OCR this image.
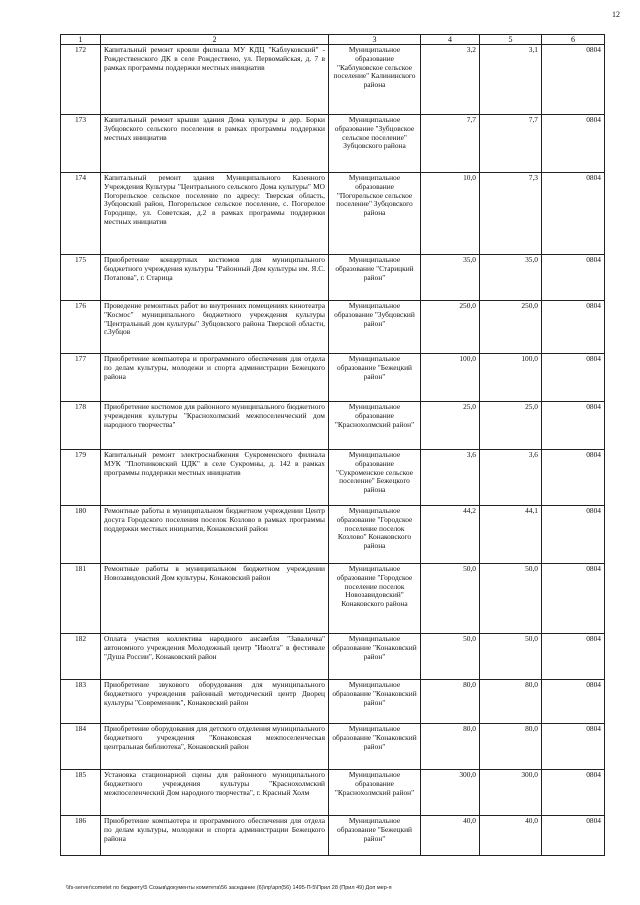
12
1	2	3	4	5	6
172	Капитальный ремонт кровли филиала МУ КДЦ "Каблуковский" - Рождественского ДК в селе Рождествено, ул. Первомайская, д. 7 в рамках программы поддержки местных инициатив	Муниципальное образование "Каблуковское сельское поселение" Калининского района	3,2	3,1	0804
173	Капитальный ремонт крыши здания Дома культуры в дер. Борки Зубцовского сельского поселения в рамках программы поддержки местных инициатив	Муниципальное образование "Зубцовское сельское поселение" Зубцовского района	7,7	7,7	0804
174	Капитальный ремонт здания Муниципального Казенного Учреждения Культуры "Центрального сельского Дома культуры" МО Погорельское сельское поселение по адресу: Тверская область, Зубцовский район, Погорельское сельское поселение, с. Погорелое Городище, ул. Советская, д.2 в рамках программы поддержки местных инициатив	Муниципальное образование "Погорельское сельское поселение" Зубцовского района	10,0	7,3	0804
175	Приобретение концертных костюмов для муниципального бюджетного учреждения культуры "Районный Дом культуры им. Я.С. Потапова", г. Старица	Муниципальное образование "Старицкий район"	35,0	35,0	0804
176	Проведение ремонтных работ во внутренних помещениях кинотеатра "Космос" муниципального бюджетного учреждения культуры "Центральный дом культуры" Зубцовского района Тверской области, г.Зубцов	Муниципальное образование "Зубцовский район"	250,0	250,0	0804
177	Приобретение компьютера и программного обеспечения для отдела по делам культуры, молодежи и спорта администрации Бежецкого района	Муниципальное образование "Бежецкий район"	100,0	100,0	0804
178	Приобретение костюмов для районного муниципального бюджетного учреждения культуры "Краснохолмский межпоселенческий дом народного творчества"	Муниципальное образование "Краснохолмский район"	25,0	25,0	0804
179	Капитальный ремонт электроснабжения Сукроменского филиала МУК "Плотниковский ЦДК" в селе Сукромны, д. 142 в рамках программы поддержки местных инициатив	Муниципальное образование "Сукроменское сельское поселение" Бежецкого района	3,6	3,6	0804
180	Ремонтные работы в муниципальном бюджетном учреждении Центр досуга Городского поселения поселок Козлово в рамках программы поддержки местных инициатив, Конаковский район	Муниципальное образование "Городское поселение поселок Козлово" Конаковского района	44,2	44,1	0804
181	Ремонтные работы в муниципальном бюджетном учреждении Новозавидовский Дом культуры, Конаковский район	Муниципальное образование "Городское поселение поселок Новозавидовский" Конаковского района	50,0	50,0	0804
182	Оплата участия коллектива народного ансамбля "Заваличка" автономного учреждения Молодежный центр "Иволга" в фестивале "Душа России", Конаковский район	Муниципальное образование "Конаковский район"	50,0	50,0	0804
183	Приобретение звукового оборудования для муниципального бюджетного учреждения районный методический центр Дворец культуры "Современник", Конаковский район	Муниципальное образование "Конаковский район"	80,0	80,0	0804
184	Приобретение оборудования для детского отделения муниципального бюджетного учреждения "Конаковская межпоселенческая центральная библиотека", Конаковский район	Муниципальное образование "Конаковский район"	80,0	80,0	0804
185	Установка стационарной сцены для районного муниципального бюджетного учреждения культуры "Краснохолмский межпоселенческий Дом народного творчества", г. Красный Холм	Муниципальное образование "Краснохолмский район"	300,0	300,0	0804
186	Приобретение компьютера и программного обеспечения для отдела по делам культуры, молодежи и спорта администрации Бежецкого района	Муниципальное образование "Бежецкий район"	40,0	40,0	0804
\\fs-server\cometet по бюджету\5 Созыв\документы комитета\56 заседание (6)\пр\зрп(56) 1495-П-5\Прил 28 (Прил 49) Доп мер-я
